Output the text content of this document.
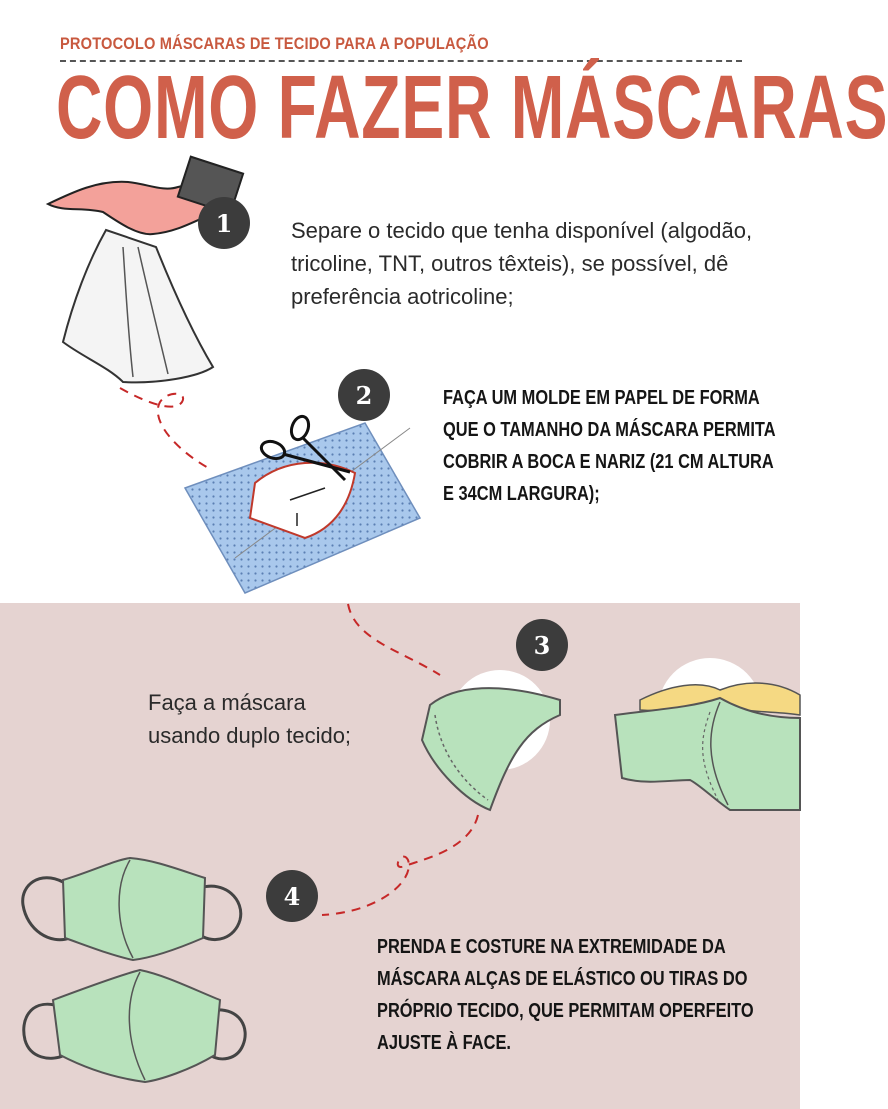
PROTOCOLO MÁSCARAS DE TECIDO PARA A POPULAÇÃO
COMO FAZER MÁSCARAS
1	Separe o tecido que tenha disponível (algodão, tricoline, TNT, outros têxteis), se possível, dê preferência aotricoline;
2	FAÇA UM MOLDE EM PAPEL DE FORMA QUE O TAMANHO DA MÁSCARA PERMITA COBRIR A BOCA E NARIZ (21 CM ALTURA E 34CM LARGURA);
Faça a máscara usando duplo tecido;
3
4
PRENDA E COSTURE NA EXTREMIDADE DA MÁSCARA ALÇAS DE ELÁSTICO OU TIRAS DO PRÓPRIO TECIDO, QUE PERMITAM OPERFEITO AJUSTE À FACE.
